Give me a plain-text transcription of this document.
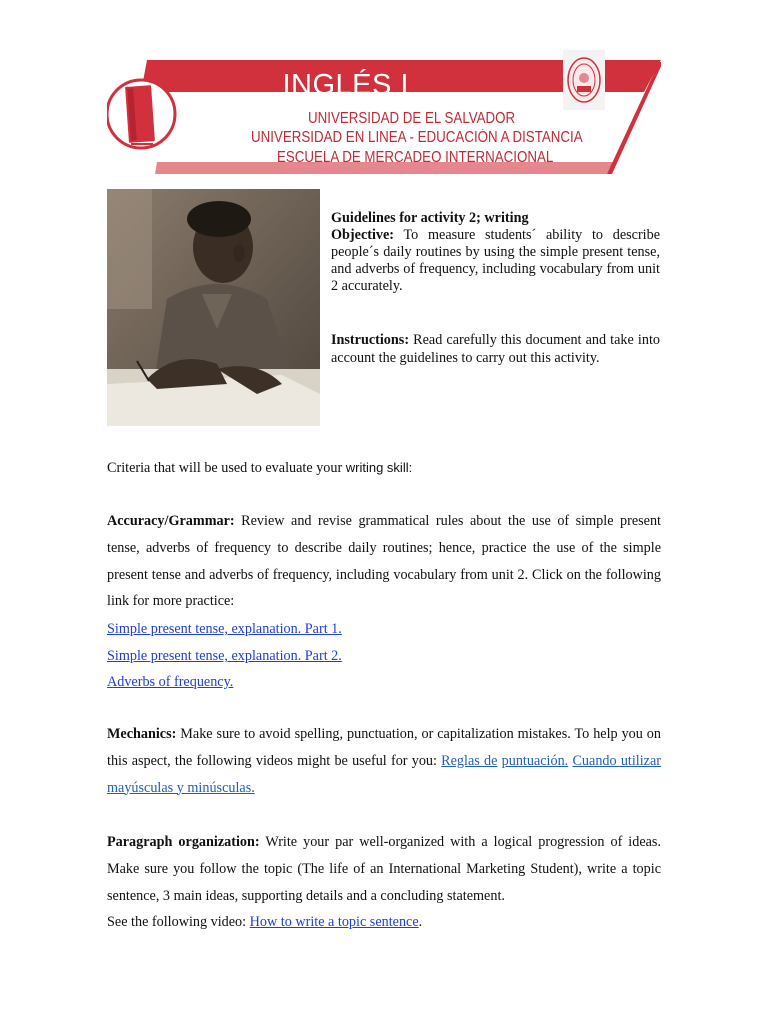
UNIVERSIDAD DE EL SALVADOR
UNIVERSIDAD EN LINEA - EDUCACIÓN A DISTANCIA
ESCUELA DE MERCADEO INTERNACIONAL

Guidelines for activity 2; writing

Objective: To measure students´ ability to describe people´s daily routines by using the simple present tense, and adverbs of frequency, including vocabulary from unit 2 accurately.

Instructions: Read carefully this document and take into account the guidelines to carry out this activity.

Criteria that will be used to evaluate your writing skill:

Accuracy/Grammar: Review and revise grammatical rules about the use of simple present tense, adverbs of frequency to describe daily routines; hence, practice the use of the simple present tense and adverbs of frequency, including vocabulary from unit 2. Click on the following link for more practice:

Simple present tense, explanation. Part 1.
Simple present tense, explanation. Part 2.
Adverbs of frequency.

Mechanics: Make sure to avoid spelling, punctuation, or capitalization mistakes. To help you on this aspect, the following videos might be useful for you: Reglas de puntuación. Cuando utilizar mayúsculas y minúsculas.

Paragraph organization: Write your par well-organized with a logical progression of ideas. Make sure you follow the topic (The life of an International Marketing Student), write a topic sentence, 3 main ideas, supporting details and a concluding statement.

See the following video: How to write a topic sentence.
